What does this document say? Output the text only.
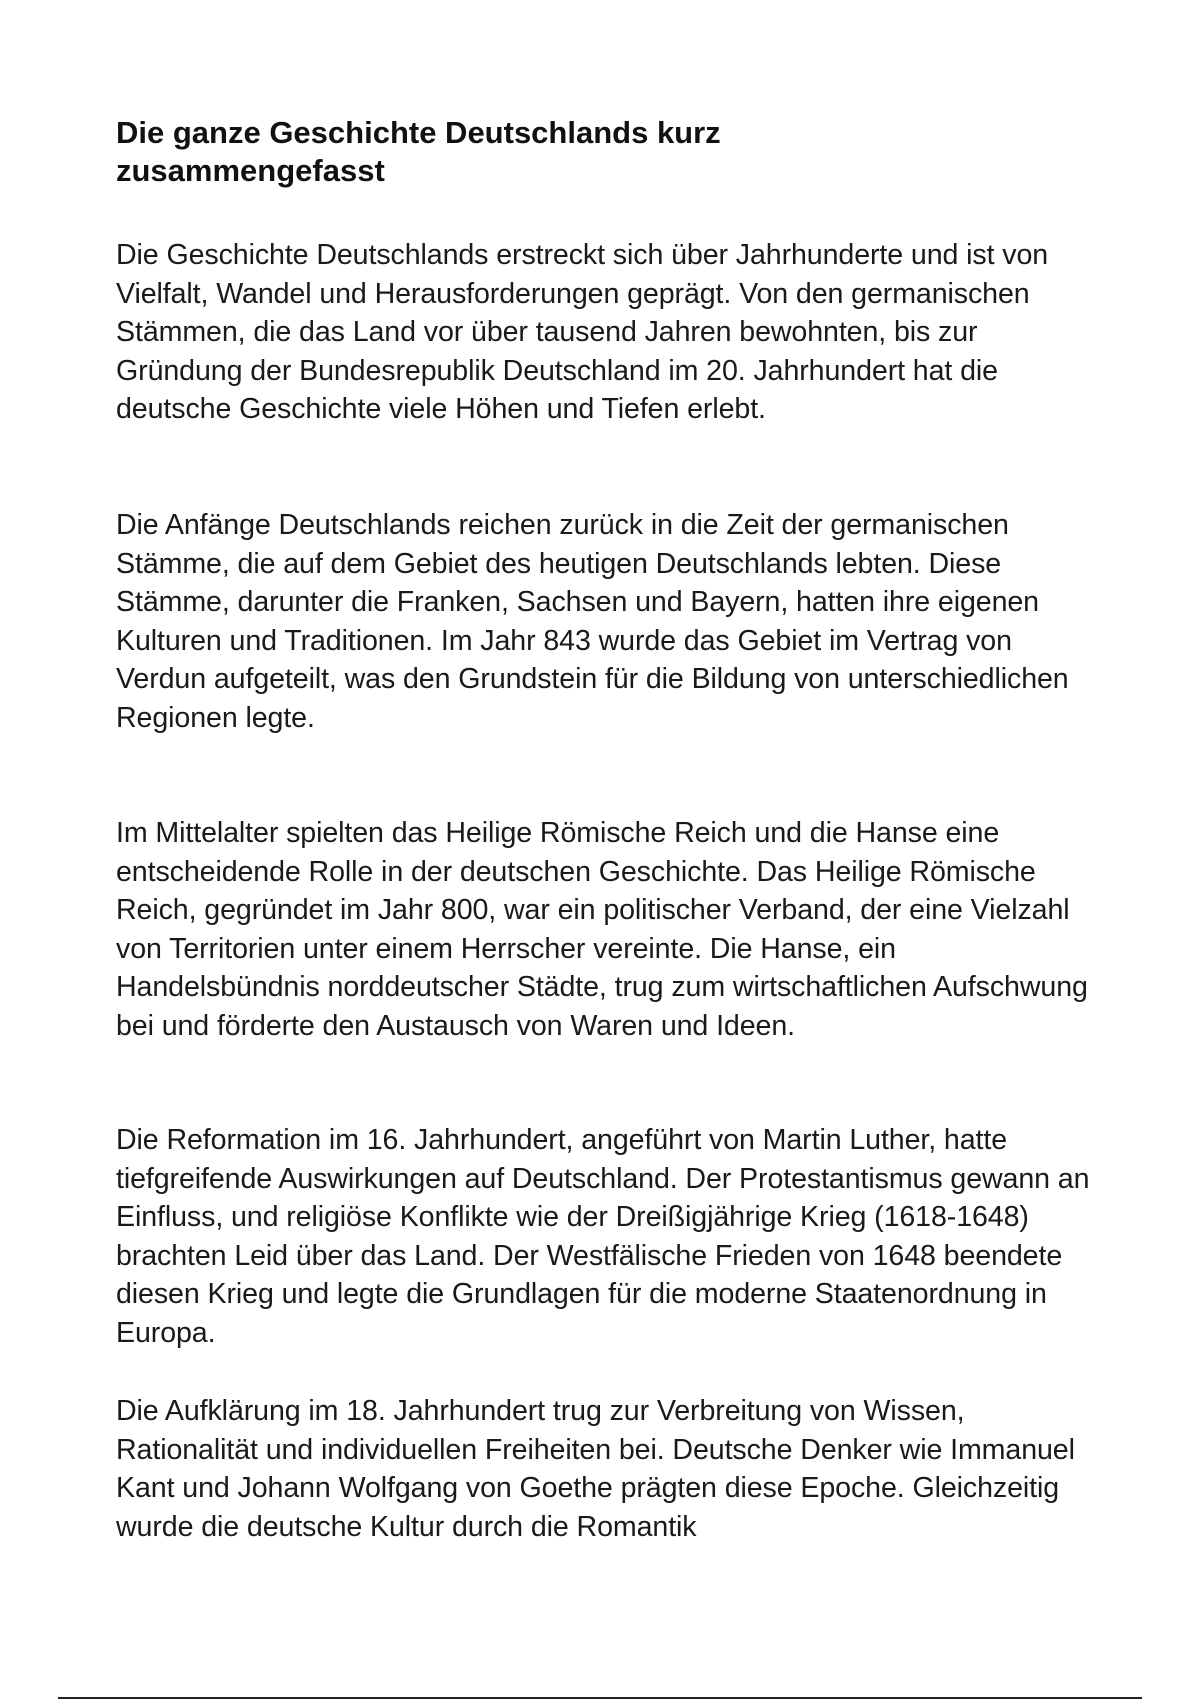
Die ganze Geschichte Deutschlands kurz zusammengefasst

Die Geschichte Deutschlands erstreckt sich über Jahrhunderte und ist von Vielfalt, Wandel und Herausforderungen geprägt. Von den germanischen Stämmen, die das Land vor über tausend Jahren bewohnten, bis zur Gründung der Bundesrepublik Deutschland im 20. Jahrhundert hat die deutsche Geschichte viele Höhen und Tiefen erlebt.

Die Anfänge Deutschlands reichen zurück in die Zeit der germanischen Stämme, die auf dem Gebiet des heutigen Deutschlands lebten. Diese Stämme, darunter die Franken, Sachsen und Bayern, hatten ihre eigenen Kulturen und Traditionen. Im Jahr 843 wurde das Gebiet im Vertrag von Verdun aufgeteilt, was den Grundstein für die Bildung von unterschiedlichen Regionen legte.

Im Mittelalter spielten das Heilige Römische Reich und die Hanse eine entscheidende Rolle in der deutschen Geschichte. Das Heilige Römische Reich, gegründet im Jahr 800, war ein politischer Verband, der eine Vielzahl von Territorien unter einem Herrscher vereinte. Die Hanse, ein Handelsbündnis norddeutscher Städte, trug zum wirtschaftlichen Aufschwung bei und förderte den Austausch von Waren und Ideen.

Die Reformation im 16. Jahrhundert, angeführt von Martin Luther, hatte tiefgreifende Auswirkungen auf Deutschland. Der Protestantismus gewann an Einfluss, und religiöse Konflikte wie der Dreißigjährige Krieg (1618-1648) brachten Leid über das Land. Der Westfälische Frieden von 1648 beendete diesen Krieg und legte die Grundlagen für die moderne Staatenordnung in Europa.

Die Aufklärung im 18. Jahrhundert trug zur Verbreitung von Wissen, Rationalität und individuellen Freiheiten bei. Deutsche Denker wie Immanuel Kant und Johann Wolfgang von Goethe prägten diese Epoche. Gleichzeitig wurde die deutsche Kultur durch die Romantik
